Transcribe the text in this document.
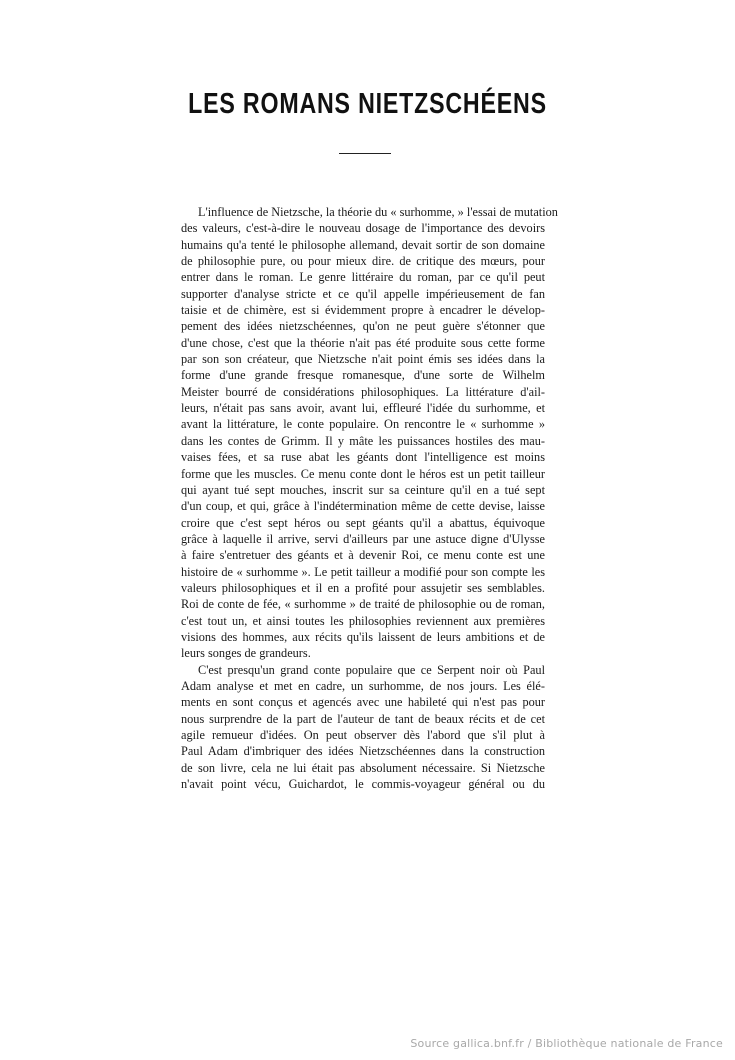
LES ROMANS NIETZSCHÉENS
L'influence de Nietzsche, la théorie du « surhomme, » l'essai de mutation
des valeurs, c'est-à-dire le nouveau dosage de l'importance des devoirs
humains qu'a tenté le philosophe allemand, devait sortir de son domaine
de philosophie pure, ou pour mieux dire. de critique des mœurs, pour
entrer dans le roman. Le genre littéraire du roman, par ce qu'il peut
supporter d'analyse stricte et ce qu'il appelle impérieusement de fan
taisie et de chimère, est si évidemment propre à encadrer le dévelop-
pement des idées nietzschéennes, qu'on ne peut guère s'étonner que
d'une chose, c'est que la théorie n'ait pas été produite sous cette forme
par son son créateur, que Nietzsche n'ait point émis ses idées dans la
forme d'une grande fresque romanesque, d'une sorte de Wilhelm
Meister bourré de considérations philosophiques. La littérature d'ail-
leurs, n'était pas sans avoir, avant lui, effleuré l'idée du surhomme, et
avant la littérature, le conte populaire. On rencontre le « surhomme »
dans les contes de Grimm. Il y mâte les puissances hostiles des mau-
vaises fées, et sa ruse abat les géants dont l'intelligence est moins
forme que les muscles. Ce menu conte dont le héros est un petit tailleur
qui ayant tué sept mouches, inscrit sur sa ceinture qu'il en a tué sept
d'un coup, et qui, grâce à l'indétermination même de cette devise, laisse
croire que c'est sept héros ou sept géants qu'il a abattus, équivoque
grâce à laquelle il arrive, servi d'ailleurs par une astuce digne d'Ulysse
à faire s'entretuer des géants et à devenir Roi, ce menu conte est une
histoire de « surhomme ». Le petit tailleur a modifié pour son compte les
valeurs philosophiques et il en a profité pour assujetir ses semblables.
Roi de conte de fée, « surhomme » de traité de philosophie ou de roman,
c'est tout un, et ainsi toutes les philosophies reviennent aux premières
visions des hommes, aux récits qu'ils laissent de leurs ambitions et de
leurs songes de grandeurs.
C'est presqu'un grand conte populaire que ce Serpent noir où Paul
Adam analyse et met en cadre, un surhomme, de nos jours. Les élé-
ments en sont conçus et agencés avec une habileté qui n'est pas pour
nous surprendre de la part de l'auteur de tant de beaux récits et de cet
agile remueur d'idées. On peut observer dès l'abord que s'il plut à
Paul Adam d'imbriquer des idées Nietzschéennes dans la construction
de son livre, cela ne lui était pas absolument nécessaire. Si Nietzsche
n'avait point vécu, Guichardot, le commis-voyageur général ou du
Source gallica.bnf.fr / Bibliothèque nationale de France
